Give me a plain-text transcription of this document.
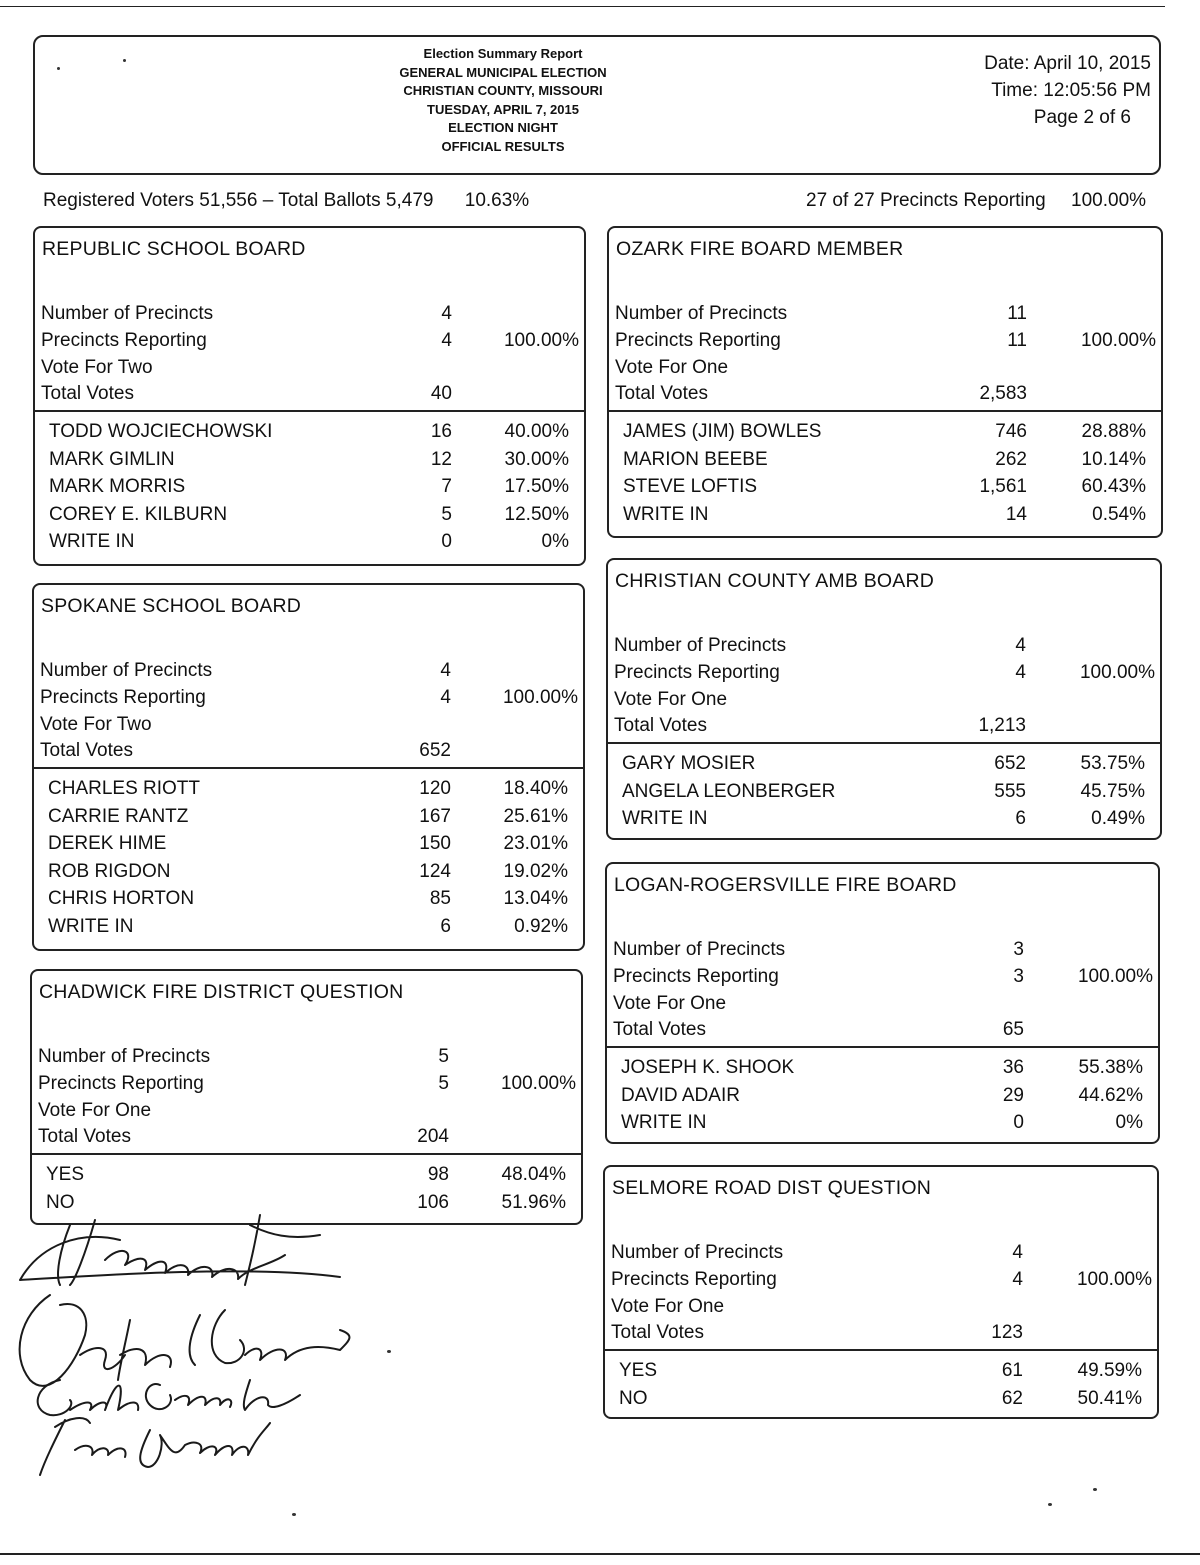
Election Summary Report
GENERAL MUNICIPAL ELECTION
CHRISTIAN COUNTY, MISSOURI
TUESDAY, APRIL 7, 2015
ELECTION NIGHT
OFFICIAL RESULTS
Date: April 10, 2015
Time: 12:05:56 PM
Page 2 of 6
Registered Voters 51,556 – Total Ballots 5,479 10.63%	27 of 27 Precincts Reporting 100.00%
REPUBLIC SCHOOL BOARD
Number of Precincts	4
Precincts Reporting	4	100.00%
Vote For Two
Total Votes	40
TODD WOJCIECHOWSKI	16	40.00%
MARK GIMLIN	12	30.00%
MARK MORRIS	7	17.50%
COREY E. KILBURN	5	12.50%
WRITE IN	0	0%
SPOKANE SCHOOL BOARD
Number of Precincts	4
Precincts Reporting	4	100.00%
Vote For Two
Total Votes	652
CHARLES RIOTT	120	18.40%
CARRIE RANTZ	167	25.61%
DEREK HIME	150	23.01%
ROB RIGDON	124	19.02%
CHRIS HORTON	85	13.04%
WRITE IN	6	0.92%
CHADWICK FIRE DISTRICT QUESTION
Number of Precincts	5
Precincts Reporting	5	100.00%
Vote For One
Total Votes	204
YES	98	48.04%
NO	106	51.96%
OZARK FIRE BOARD MEMBER
Number of Precincts	11
Precincts Reporting	11	100.00%
Vote For One
Total Votes	2,583
JAMES (JIM) BOWLES	746	28.88%
MARION BEEBE	262	10.14%
STEVE LOFTIS	1,561	60.43%
WRITE IN	14	0.54%
CHRISTIAN COUNTY AMB BOARD
Number of Precincts	4
Precincts Reporting	4	100.00%
Vote For One
Total Votes	1,213
GARY MOSIER	652	53.75%
ANGELA LEONBERGER	555	45.75%
WRITE IN	6	0.49%
LOGAN-ROGERSVILLE FIRE BOARD
Number of Precincts	3
Precincts Reporting	3	100.00%
Vote For One
Total Votes	65
JOSEPH K. SHOOK	36	55.38%
DAVID ADAIR	29	44.62%
WRITE IN	0	0%
SELMORE ROAD DIST QUESTION
Number of Precincts	4
Precincts Reporting	4	100.00%
Vote For One
Total Votes	123
YES	61	49.59%
NO	62	50.41%
